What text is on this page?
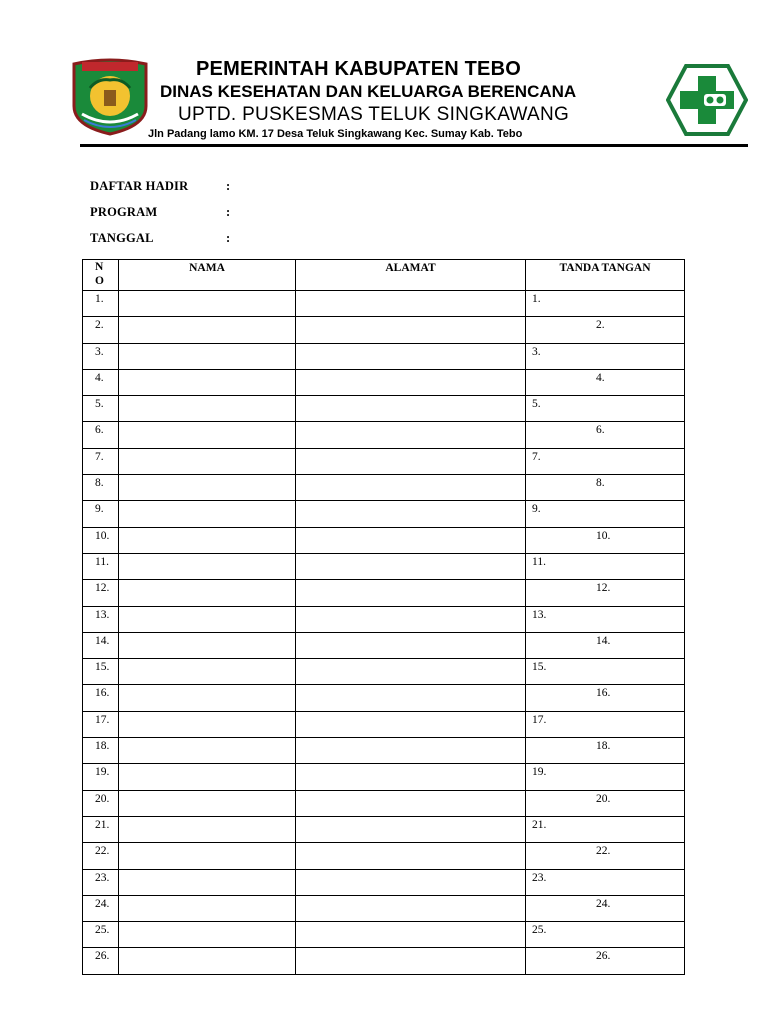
PEMERINTAH KABUPATEN TEBO
DINAS KESEHATAN DAN KELUARGA BERENCANA
UPTD. PUSKESMAS TELUK SINGKAWANG
Jln Padang lamo KM. 17 Desa Teluk Singkawang Kec. Sumay Kab. Tebo
DAFTAR HADIR	:
PROGRAM	:
TANGGAL	:
N
O	NAMA	ALAMAT	TANDA TANGAN

1.			1.

2.			2.

3.			3.

4.			4.

5.			5.

6.			6.

7.			7.

8.			8.

9.			9.

10.			10.

11.			11.

12.			12.

13.			13.

14.			14.

15.			15.

16.			16.

17.			17.

18.			18.

19.			19.

20.			20.

21.			21.

22.			22.

23.			23.

24.			24.

25.			25.

26.			26.
